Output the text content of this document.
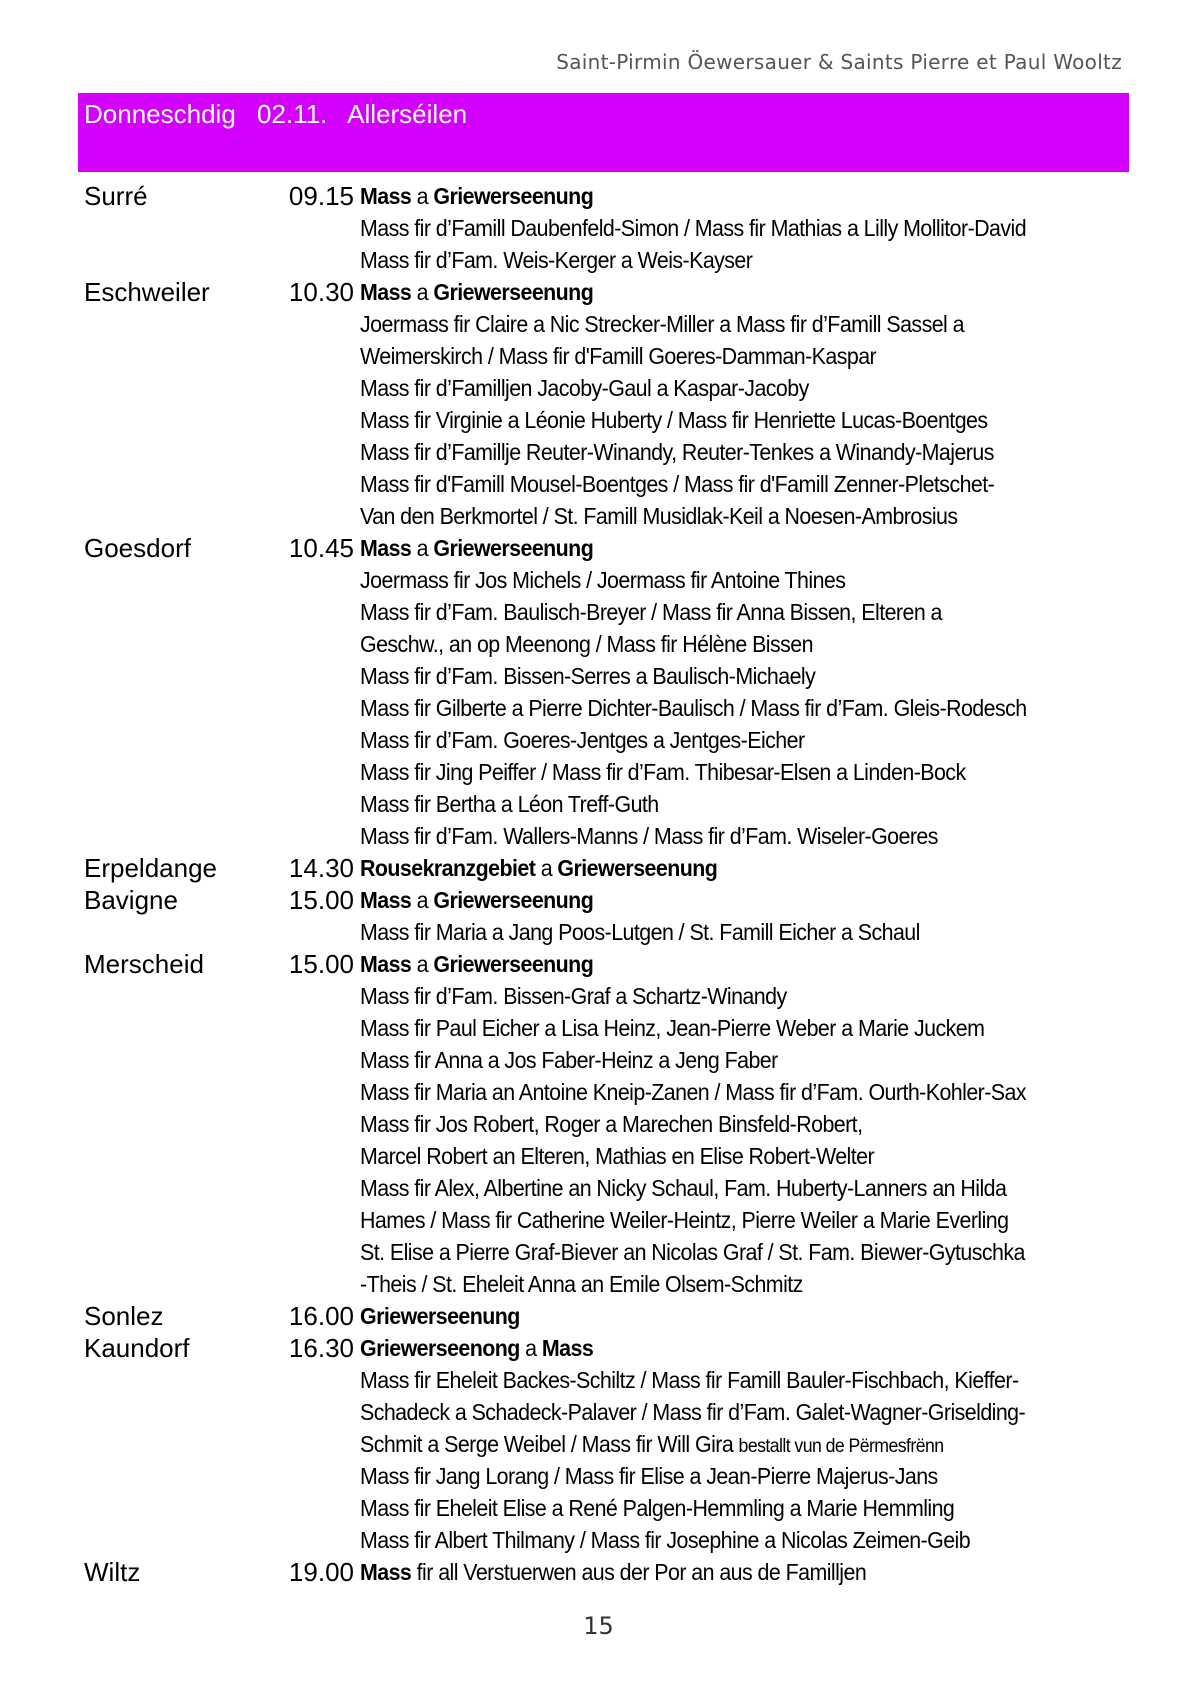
Saint-Pirmin Öewersauer & Saints Pierre et Paul Wooltz
Donneschdig 02.11. Allerséilen
Surré	09.15 Mass a Griewerseenung
Mass fir d’Famill Daubenfeld-Simon / Mass fir Mathias a Lilly Mollitor-David
Mass fir d’Fam. Weis-Kerger a Weis-Kayser
Eschweiler	10.30 Mass a Griewerseenung
Joermass fir Claire a Nic Strecker-Miller a Mass fir d’Famill Sassel a
Weimerskirch / Mass fir d'Famill Goeres-Damman-Kaspar
Mass fir d’Familljen Jacoby-Gaul a Kaspar-Jacoby
Mass fir Virginie a Léonie Huberty / Mass fir Henriette Lucas-Boentges
Mass fir d’Famillje Reuter-Winandy, Reuter-Tenkes a Winandy-Majerus
Mass fir d'Famill Mousel-Boentges / Mass fir d'Famill Zenner-Pletschet-
Van den Berkmortel / St. Famill Musidlak-Keil a Noesen-Ambrosius
Goesdorf	10.45 Mass a Griewerseenung
Joermass fir Jos Michels / Joermass fir Antoine Thines
Mass fir d’Fam. Baulisch-Breyer / Mass fir Anna Bissen, Elteren a
Geschw., an op Meenong / Mass fir Hélène Bissen
Mass fir d’Fam. Bissen-Serres a Baulisch-Michaely
Mass fir Gilberte a Pierre Dichter-Baulisch / Mass fir d’Fam. Gleis-Rodesch
Mass fir d’Fam. Goeres-Jentges a Jentges-Eicher
Mass fir Jing Peiffer / Mass fir d’Fam. Thibesar-Elsen a Linden-Bock
Mass fir Bertha a Léon Treff-Guth
Mass fir d’Fam. Wallers-Manns / Mass fir d’Fam. Wiseler-Goeres
Erpeldange	14.30 Rousekranzgebiet a Griewerseenung
Bavigne	15.00 Mass a Griewerseenung
Mass fir Maria a Jang Poos-Lutgen / St. Famill Eicher a Schaul
Merscheid	15.00 Mass a Griewerseenung
Mass fir d’Fam. Bissen-Graf a Schartz-Winandy
Mass fir Paul Eicher a Lisa Heinz, Jean-Pierre Weber a Marie Juckem
Mass fir Anna a Jos Faber-Heinz a Jeng Faber
Mass fir Maria an Antoine Kneip-Zanen / Mass fir d’Fam. Ourth-Kohler-Sax
Mass fir Jos Robert, Roger a Marechen Binsfeld-Robert,
Marcel Robert an Elteren, Mathias en Elise Robert-Welter
Mass fir Alex, Albertine an Nicky Schaul, Fam. Huberty-Lanners an Hilda
Hames / Mass fir Catherine Weiler-Heintz, Pierre Weiler a Marie Everling
St. Elise a Pierre Graf-Biever an Nicolas Graf / St. Fam. Biewer-Gytuschka
-Theis / St. Eheleit Anna an Emile Olsem-Schmitz
Sonlez	16.00 Griewerseenung
Kaundorf	16.30 Griewerseenong a Mass
Mass fir Eheleit Backes-Schiltz / Mass fir Famill Bauler-Fischbach, Kieffer-
Schadeck a Schadeck-Palaver / Mass fir d’Fam. Galet-Wagner-Griselding-
Schmit a Serge Weibel / Mass fir Will Gira bestallt vun de Përmesfrënn
Mass fir Jang Lorang / Mass fir Elise a Jean-Pierre Majerus-Jans
Mass fir Eheleit Elise a René Palgen-Hemmling a Marie Hemmling
Mass fir Albert Thilmany / Mass fir Josephine a Nicolas Zeimen-Geib
Wiltz	19.00 Mass fir all Verstuerwen aus der Por an aus de Familljen
15
